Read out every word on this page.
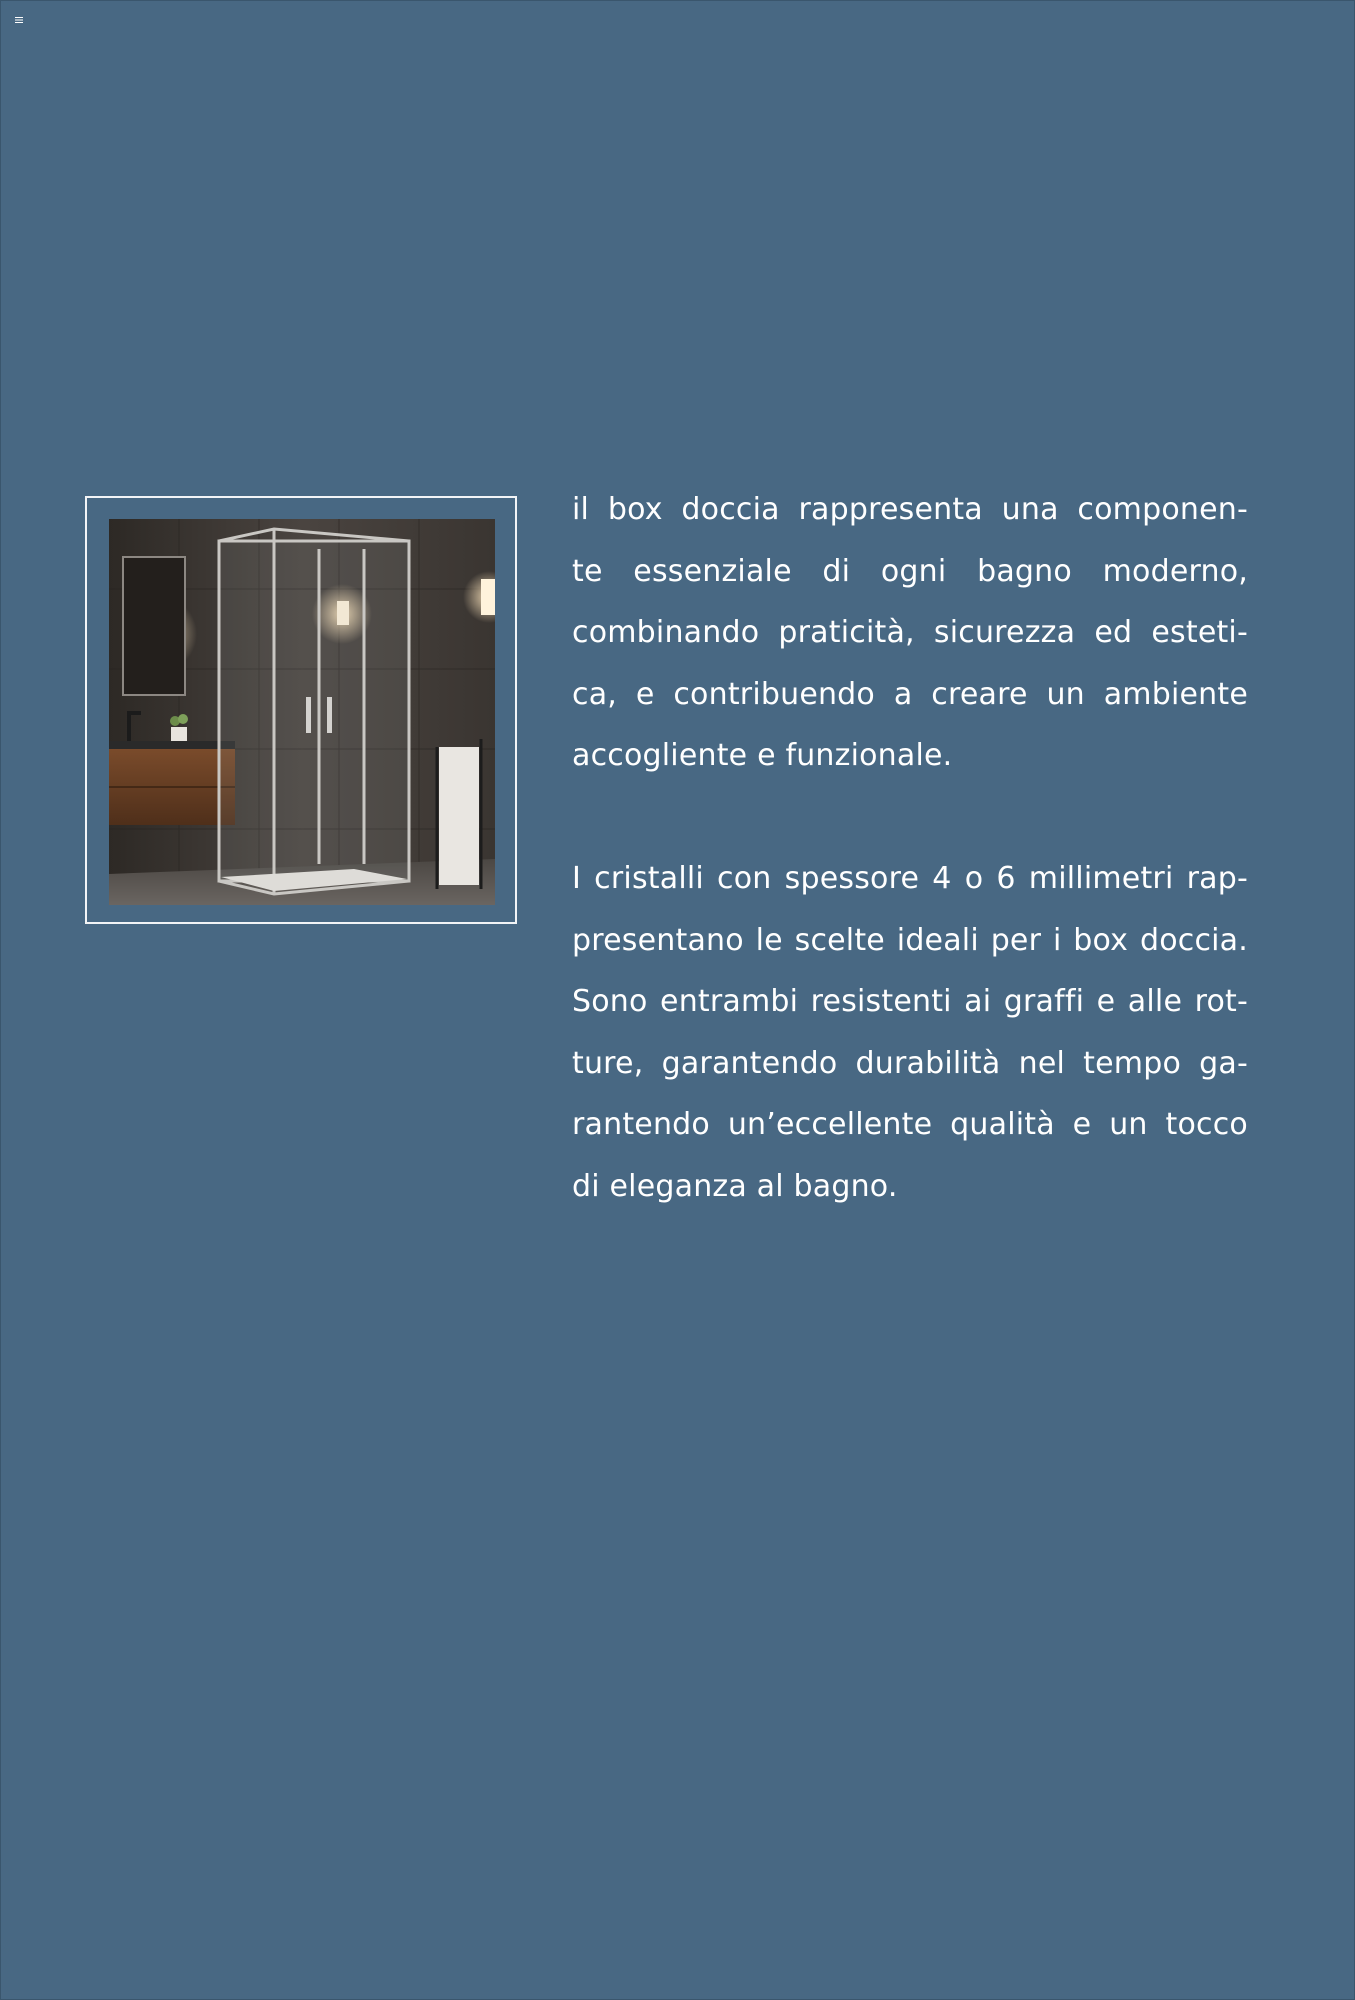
il box doccia rappresenta una componen-
te essenziale di ogni bagno moderno,
combinando praticità, sicurezza ed esteti-
ca, e contribuendo a creare un ambiente
accogliente e funzionale.

I cristalli con spessore 4 o 6 millimetri rap-
presentano le scelte ideali per i box doccia.
Sono entrambi resistenti ai graffi e alle rot-
ture, garantendo durabilità nel tempo ga-
rantendo un’eccellente qualità e un tocco
di eleganza al bagno.
